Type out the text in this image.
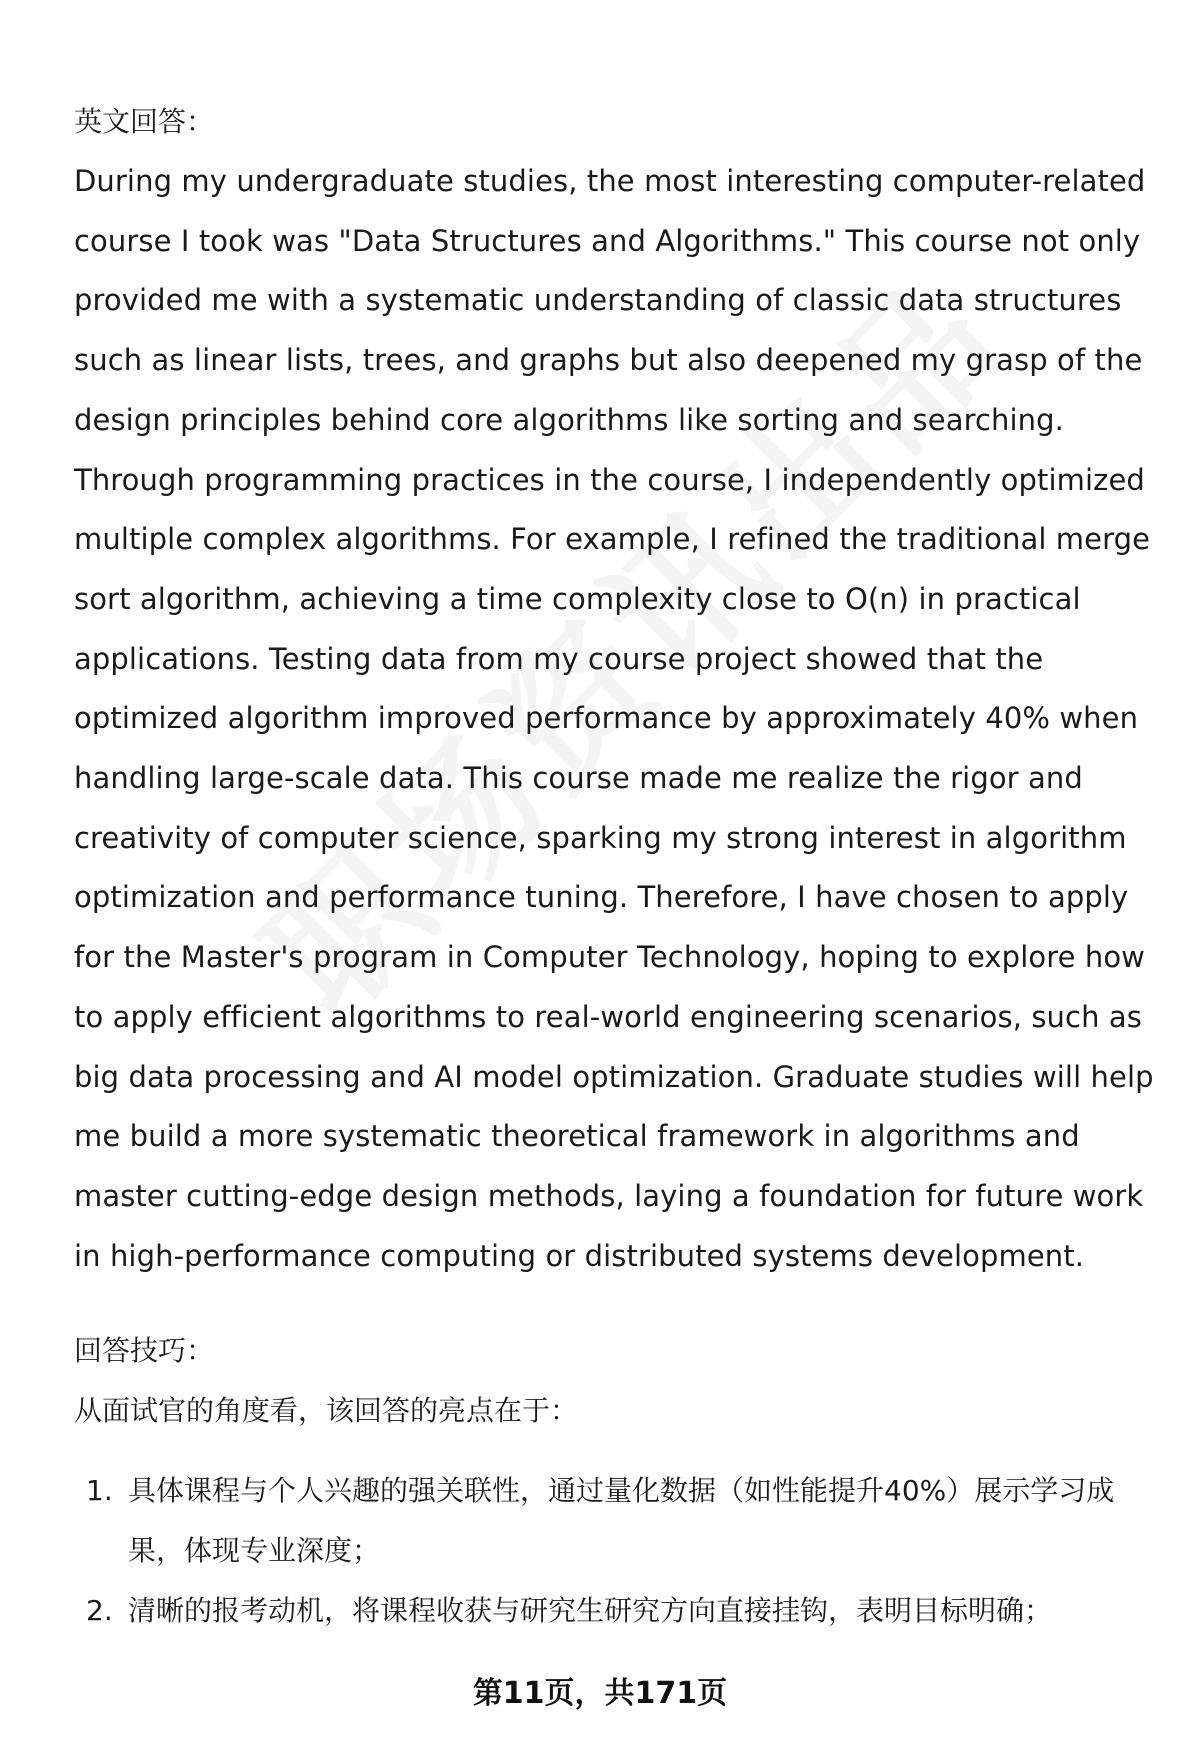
英文回答：

During my undergraduate studies, the most interesting computer-related course I took was "Data Structures and Algorithms." This course not only provided me with a systematic understanding of classic data structures such as linear lists, trees, and graphs but also deepened my grasp of the design principles behind core algorithms like sorting and searching. Through programming practices in the course, I independently optimized multiple complex algorithms. For example, I refined the traditional merge sort algorithm, achieving a time complexity close to O(n) in practical applications. Testing data from my course project showed that the optimized algorithm improved performance by approximately 40% when handling large-scale data. This course made me realize the rigor and creativity of computer science, sparking my strong interest in algorithm optimization and performance tuning. Therefore, I have chosen to apply for the Master's program in Computer Technology, hoping to explore how to apply efficient algorithms to real-world engineering scenarios, such as big data processing and AI model optimization. Graduate studies will help me build a more systematic theoretical framework in algorithms and master cutting-edge design methods, laying a foundation for future work in high-performance computing or distributed systems development.

回答技巧：

从面试官的角度看，该回答的亮点在于：

1. 具体课程与个人兴趣的强关联性，通过量化数据（如性能提升40%）展示学习成果，体现专业深度；
2. 清晰的报考动机，将课程收获与研究生研究方向直接挂钩，表明目标明确；
第11页，共171页
